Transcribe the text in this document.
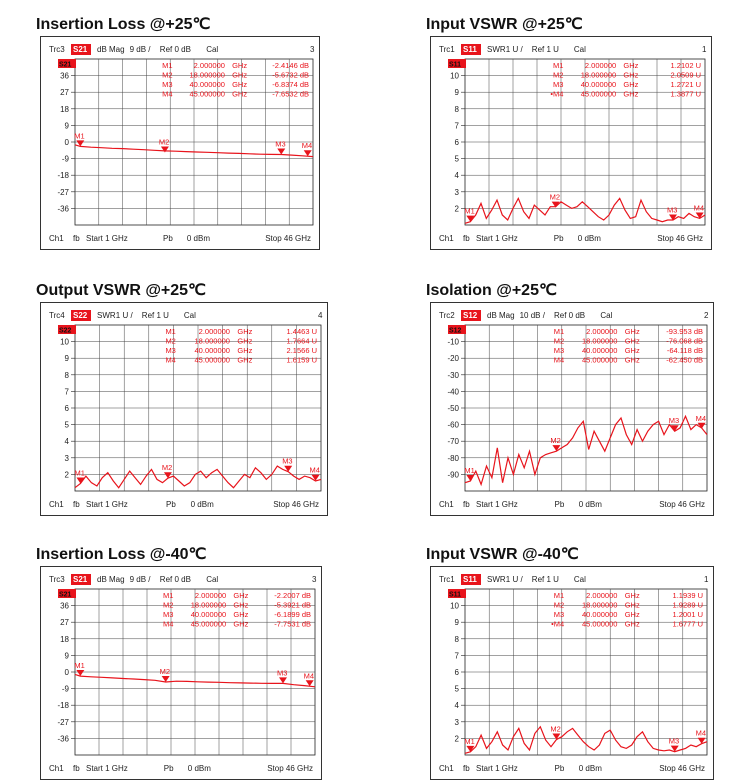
Insertion Loss @+25℃
Trc3 S21 dB Mag 9 dB / Ref 0 dB Cal	3
36
27
18
9
0
-9
-18
-27
-36
S21
M1
M2	M3 M4
M1	2.000000 GHz	-2.4146 dB
M2 18.000000 GHz	-5.6732 dB
M3 40.000000 GHz	-6.8374 dB
M4 45.000000 GHz	-7.6532 dB
Ch1 fb Start 1 GHz	Pb 0 dBm	Stop 46 GHz
Input VSWR @+25℃
Trc1 S11 SWR 1 U / Ref 1 U Cal	1
10
9
8
7
6
5
4
3
2
S11
M1
M2
M3 M4
M1	2.000000 GHz	1.2102 U
M2 18.000000 GHz	2.0509 U
M3 40.000000 GHz	1.2721 U
•M4 45.000000 GHz	1.3877 U
Ch1 fb Start 1 GHz	Pb 0 dBm	Stop 46 GHz
Output VSWR @+25℃
Trc4 S22 SWR 1 U / Ref 1 U Cal	4
10
9
8
7
6
5
4
3
2
S22
M1
M2
M3
M4
M1	2.000000 GHz	1.4463 U
M2 18.000000 GHz	1.7664 U
M3 40.000000 GHz	2.1566 U
M4 45.000000 GHz	1.6159 U
Ch1 fb Start 1 GHz	Pb 0 dBm	Stop 46 GHz
Isolation @+25℃
Trc2 S12 dB Mag 10 dB / Ref 0 dB Cal	2
-10
-20
-30
-40
-50
-60
-70
-80
-90
S12
M1
M2
M3 M4
M1	2.000000 GHz	-93.953 dB
M2 18.000000 GHz	-76.068 dB
M3 40.000000 GHz	-64.118 dB
M4 45.000000 GHz	-62.450 dB
Ch1 fb Start 1 GHz	Pb 0 dBm	Stop 46 GHz
Insertion Loss @-40℃
Trc3 S21 dB Mag 9 dB / Ref 0 dB Cal	3
36
27
18
9
0
-9
-18
-27
-36
S21
M1
M2	M3 M4
M1	2.000000 GHz	-2.2007 dB
M2 18.000000 GHz	-5.3921 dB
M3 40.000000 GHz	-6.1899 dB
M4 45.000000 GHz	-7.7531 dB
Ch1 fb Start 1 GHz	Pb 0 dBm	Stop 46 GHz
Input VSWR @-40℃
Trc1 S11 SWR 1 U / Ref 1 U Cal	1
10
9
8
7
6
5
4
3
2
S11
M1
M2
M3
M4
M1	2.000000 GHz	1.1939 U
M2 18.000000 GHz	1.9289 U
M3 40.000000 GHz	1.2001 U
•M4 45.000000 GHz	1.6777 U
Ch1 fb Start 1 GHz	Pb 0 dBm	Stop 46 GHz
